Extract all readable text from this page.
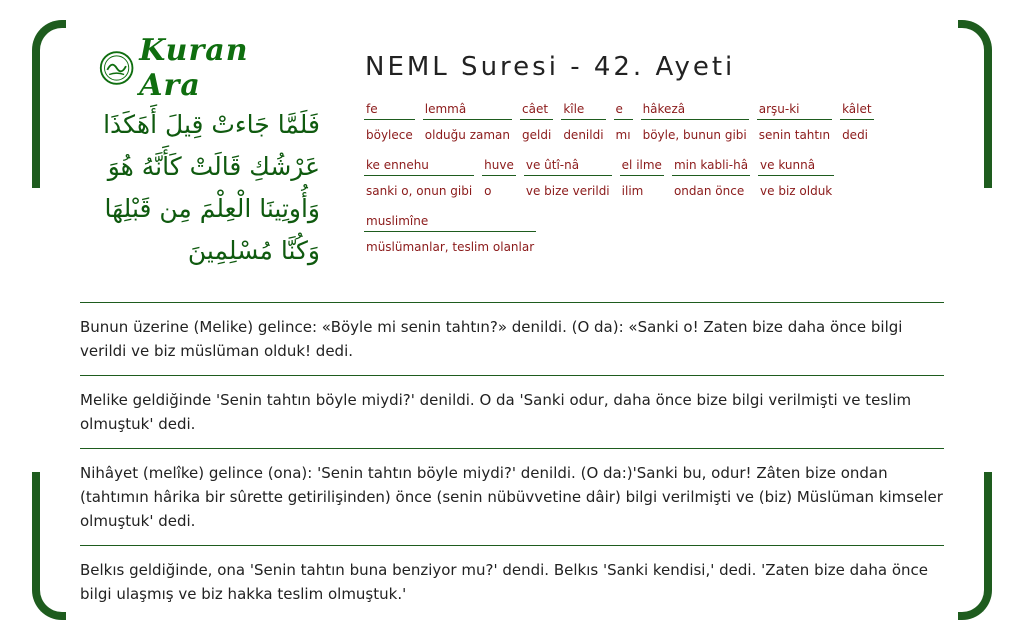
Kuran Ara
فَلَمَّا جَاءتْ قِيلَ أَهَكَذَا عَرْشُكِ قَالَتْ كَأَنَّهُ هُوَ وَأُوتِينَا الْعِلْمَ مِن قَبْلِهَا وَكُنَّا مُسْلِمِينَ
NEML Suresi - 42. Ayeti
fe
böylece
lemmâ
olduğu zaman
câet
geldi
kîle
denildi
e
mı
hâkezâ
böyle, bunun gibi
arşu-ki
senin tahtın
kâlet
dedi
ke ennehu
sanki o, onun gibi
huve
o
ve ûtî-nâ
ve bize verildi
el ilme
ilim
min kabli-hâ
ondan önce
ve kunnâ
ve biz olduk
muslimîne
müslümanlar, teslim olanlar
Bunun üzerine (Melike) gelince: «Böyle mi senin tahtın?» denildi. (O da): «Sanki o! Zaten bize daha önce bilgi verildi ve biz müslüman olduk! dedi.
Melike geldiğinde 'Senin tahtın böyle miydi?' denildi. O da 'Sanki odur, daha önce bize bilgi verilmişti ve teslim olmuştuk' dedi.
Nihâyet (melîke) gelince (ona): 'Senin tahtın böyle miydi?' denildi. (O da:)'Sanki bu, odur! Zâten bize ondan (tahtımın hârika bir sûrette getirilişinden) önce (senin nübüvvetine dâir) bilgi verilmişti ve (biz) Müslüman kimseler olmuştuk' dedi.
Belkıs geldiğinde, ona 'Senin tahtın buna benziyor mu?' dendi. Belkıs 'Sanki kendisi,' dedi. 'Zaten bize daha önce bilgi ulaşmış ve biz hakka teslim olmuştuk.'
